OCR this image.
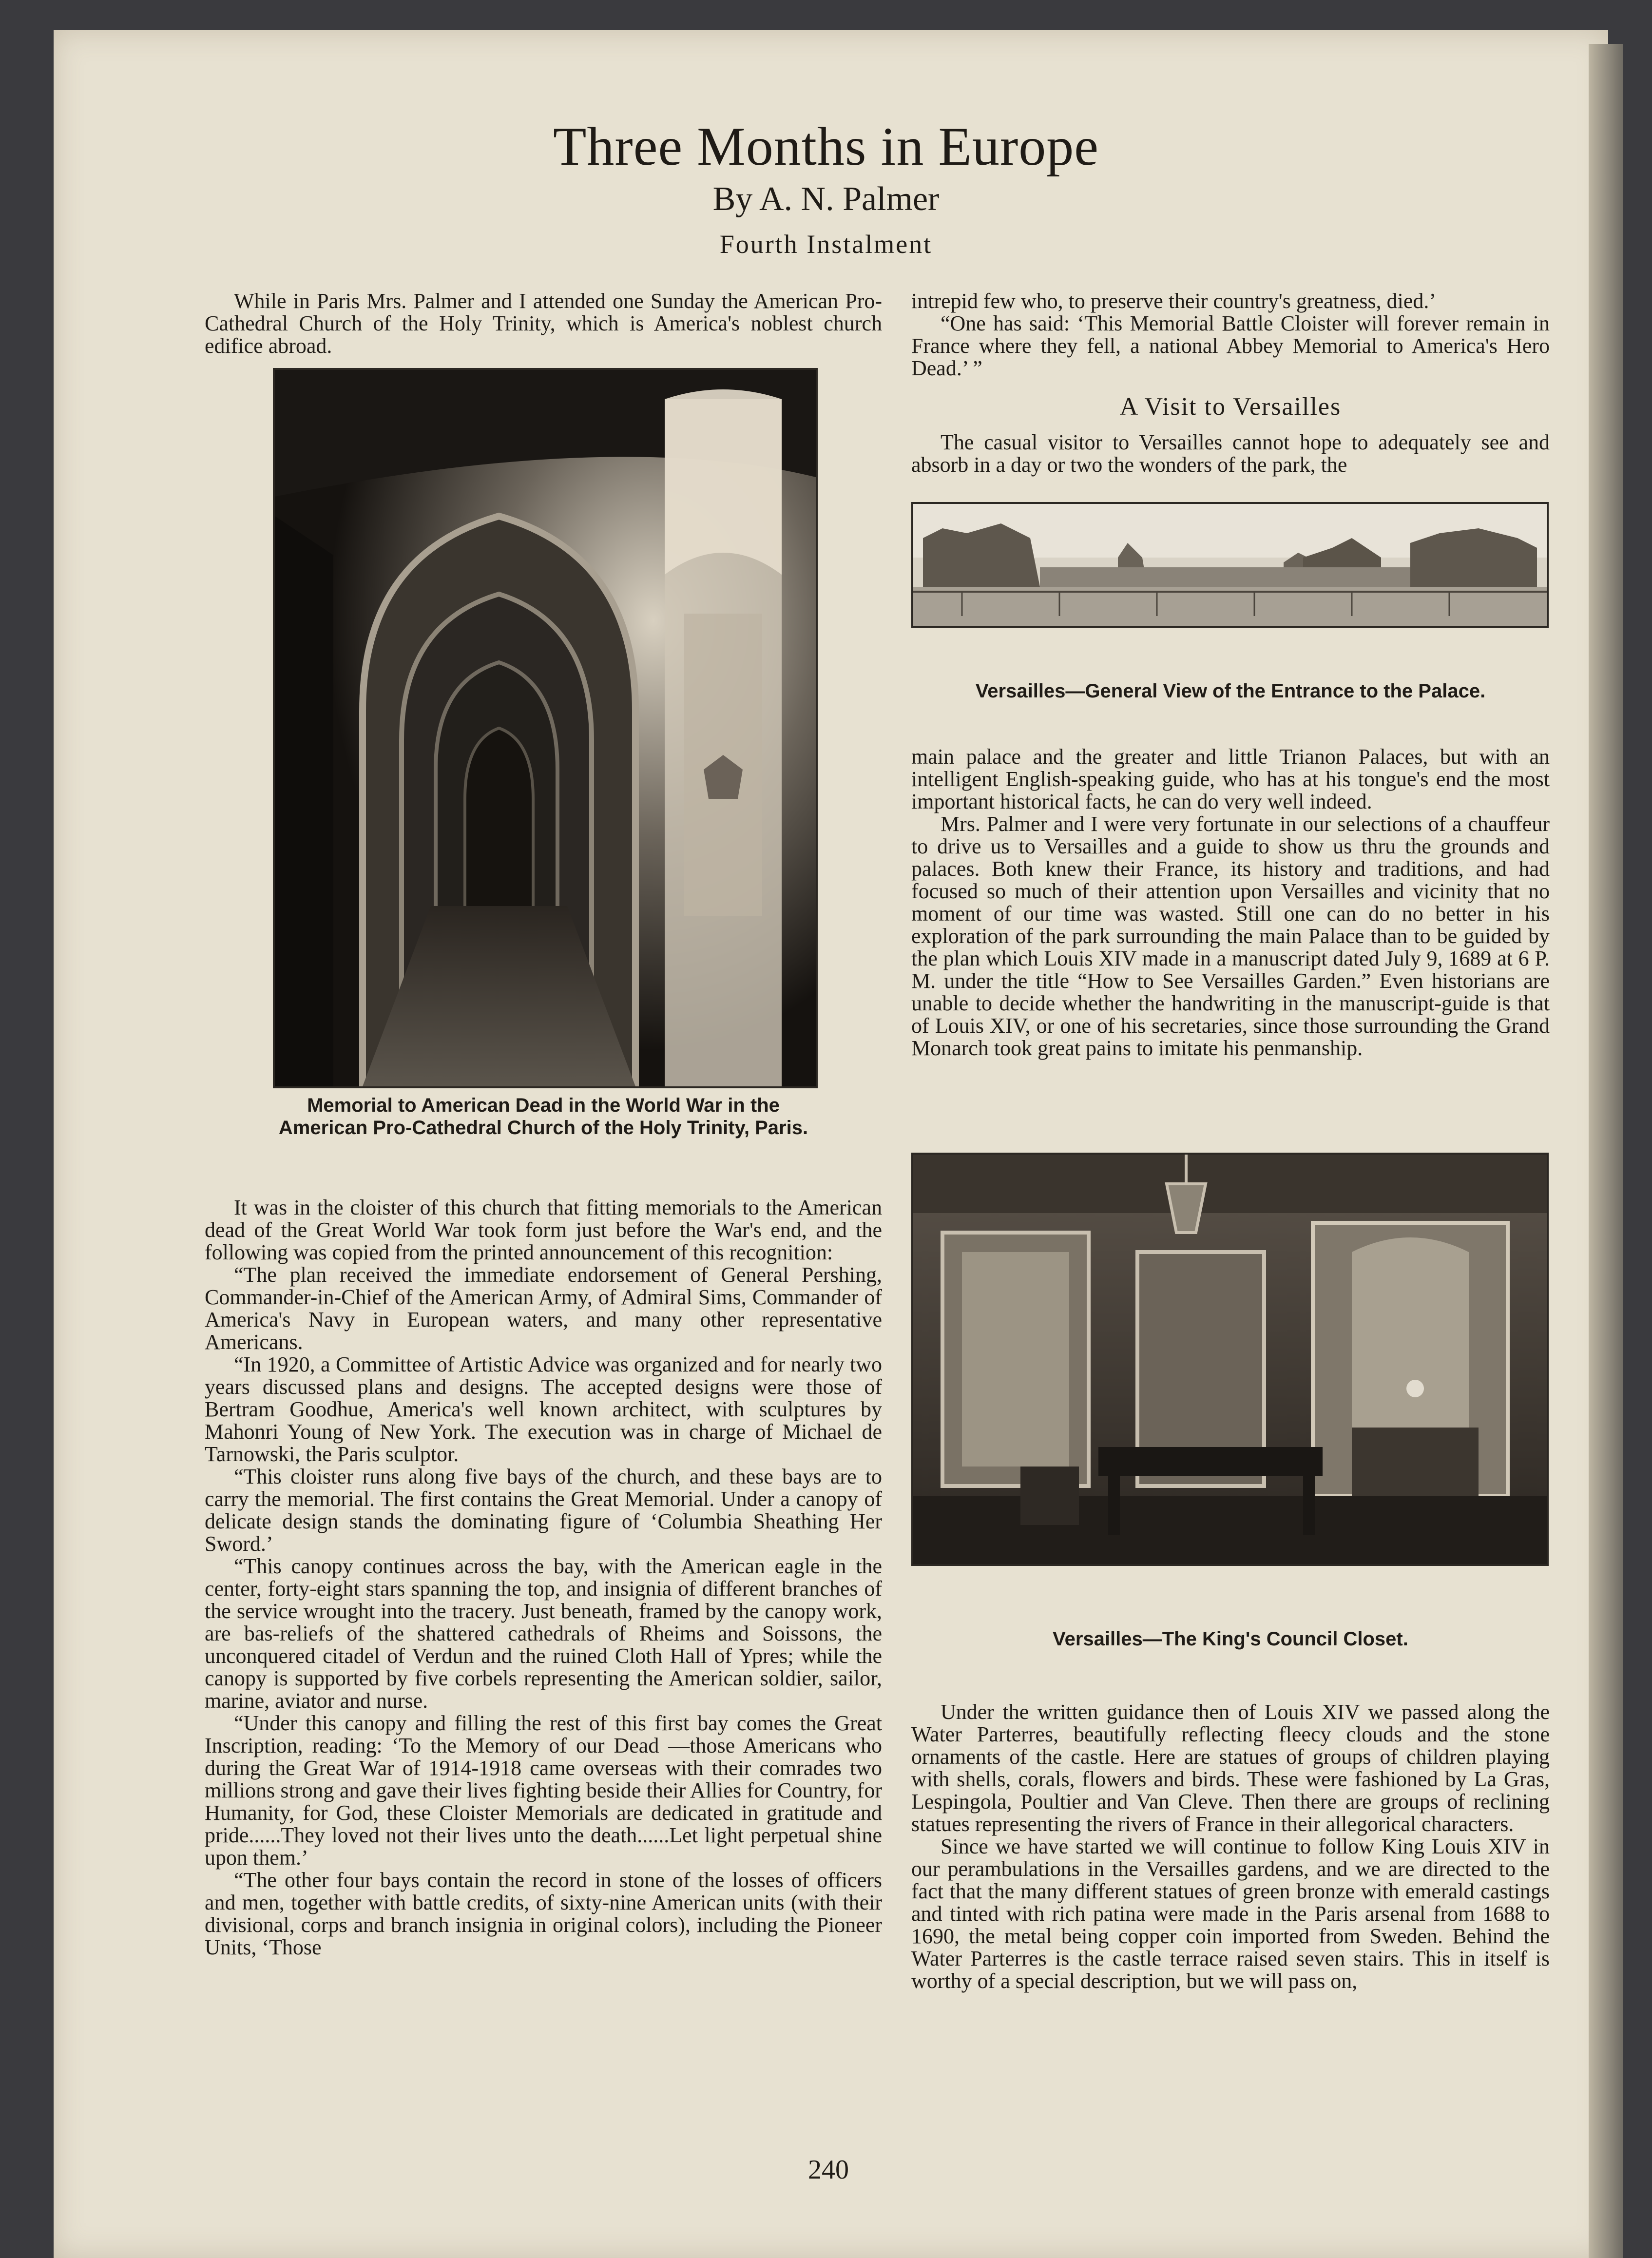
Three Months in Europe
By A. N. Palmer
Fourth Instalment

While in Paris Mrs. Palmer and I attended one Sunday the American Pro-Cathedral Church of the Holy Trinity, which is America's noblest church edifice abroad.

Memorial to American Dead in the World War in the American Pro-Cathedral Church of the Holy Trinity, Paris.

It was in the cloister of this church that fitting memorials to the American dead of the Great World War took form just before the War's end, and the following was copied from the printed announcement of this recognition:

“The plan received the immediate endorsement of General Pershing, Commander-in-Chief of the American Army, of Admiral Sims, Commander of America's Navy in European waters, and many other representative Americans.

“In 1920, a Committee of Artistic Advice was organized and for nearly two years discussed plans and designs. The accepted designs were those of Bertram Goodhue, America's well known architect, with sculptures by Mahonri Young of New York. The execution was in charge of Michael de Tarnowski, the Paris sculptor.

“This cloister runs along five bays of the church, and these bays are to carry the memorial. The first contains the Great Memorial. Under a canopy of delicate design stands the dominating figure of ‘Columbia Sheathing Her Sword.’

“This canopy continues across the bay, with the American eagle in the center, forty-eight stars spanning the top, and insignia of different branches of the service wrought into the tracery. Just beneath, framed by the canopy work, are bas-reliefs of the shattered cathedrals of Rheims and Soissons, the unconquered citadel of Verdun and the ruined Cloth Hall of Ypres; while the canopy is supported by five corbels representing the American soldier, sailor, marine, aviator and nurse.

“Under this canopy and filling the rest of this first bay comes the Great Inscription, reading: ‘To the Memory of our Dead —those Americans who during the Great War of 1914-1918 came overseas with their comrades two millions strong and gave their lives fighting beside their Allies for Country, for Humanity, for God, these Cloister Memorials are dedicated in gratitude and pride......They loved not their lives unto the death......Let light perpetual shine upon them.’

“The other four bays contain the record in stone of the losses of officers and men, together with battle credits, of sixty-nine American units (with their divisional, corps and branch insignia in original colors), including the Pioneer Units, ‘Those

intrepid few who, to preserve their country's greatness, died.’

“One has said: ‘This Memorial Battle Cloister will forever remain in France where they fell, a national Abbey Memorial to America's Hero Dead.’ ”

A Visit to Versailles

The casual visitor to Versailles cannot hope to adequately see and absorb in a day or two the wonders of the park, the

Versailles—General View of the Entrance to the Palace.

main palace and the greater and little Trianon Palaces, but with an intelligent English-speaking guide, who has at his tongue's end the most important historical facts, he can do very well indeed.

Mrs. Palmer and I were very fortunate in our selections of a chauffeur to drive us to Versailles and a guide to show us thru the grounds and palaces. Both knew their France, its history and traditions, and had focused so much of their attention upon Versailles and vicinity that no moment of our time was wasted. Still one can do no better in his exploration of the park surrounding the main Palace than to be guided by the plan which Louis XIV made in a manuscript dated July 9, 1689 at 6 P. M. under the title “How to See Versailles Garden.” Even historians are unable to decide whether the handwriting in the manuscript-guide is that of Louis XIV, or one of his secretaries, since those surrounding the Grand Monarch took great pains to imitate his penmanship.

Versailles—The King's Council Closet.

Under the written guidance then of Louis XIV we passed along the Water Parterres, beautifully reflecting fleecy clouds and the stone ornaments of the castle. Here are statues of groups of children playing with shells, corals, flowers and birds. These were fashioned by La Gras, Lespingola, Poultier and Van Cleve. Then there are groups of reclining statues representing the rivers of France in their allegorical characters.

Since we have started we will continue to follow King Louis XIV in our perambulations in the Versailles gardens, and we are directed to the fact that the many different statues of green bronze with emerald castings and tinted with rich patina were made in the Paris arsenal from 1688 to 1690, the metal being copper coin imported from Sweden. Behind the Water Parterres is the castle terrace raised seven stairs. This in itself is worthy of a special description, but we will pass on,

240
